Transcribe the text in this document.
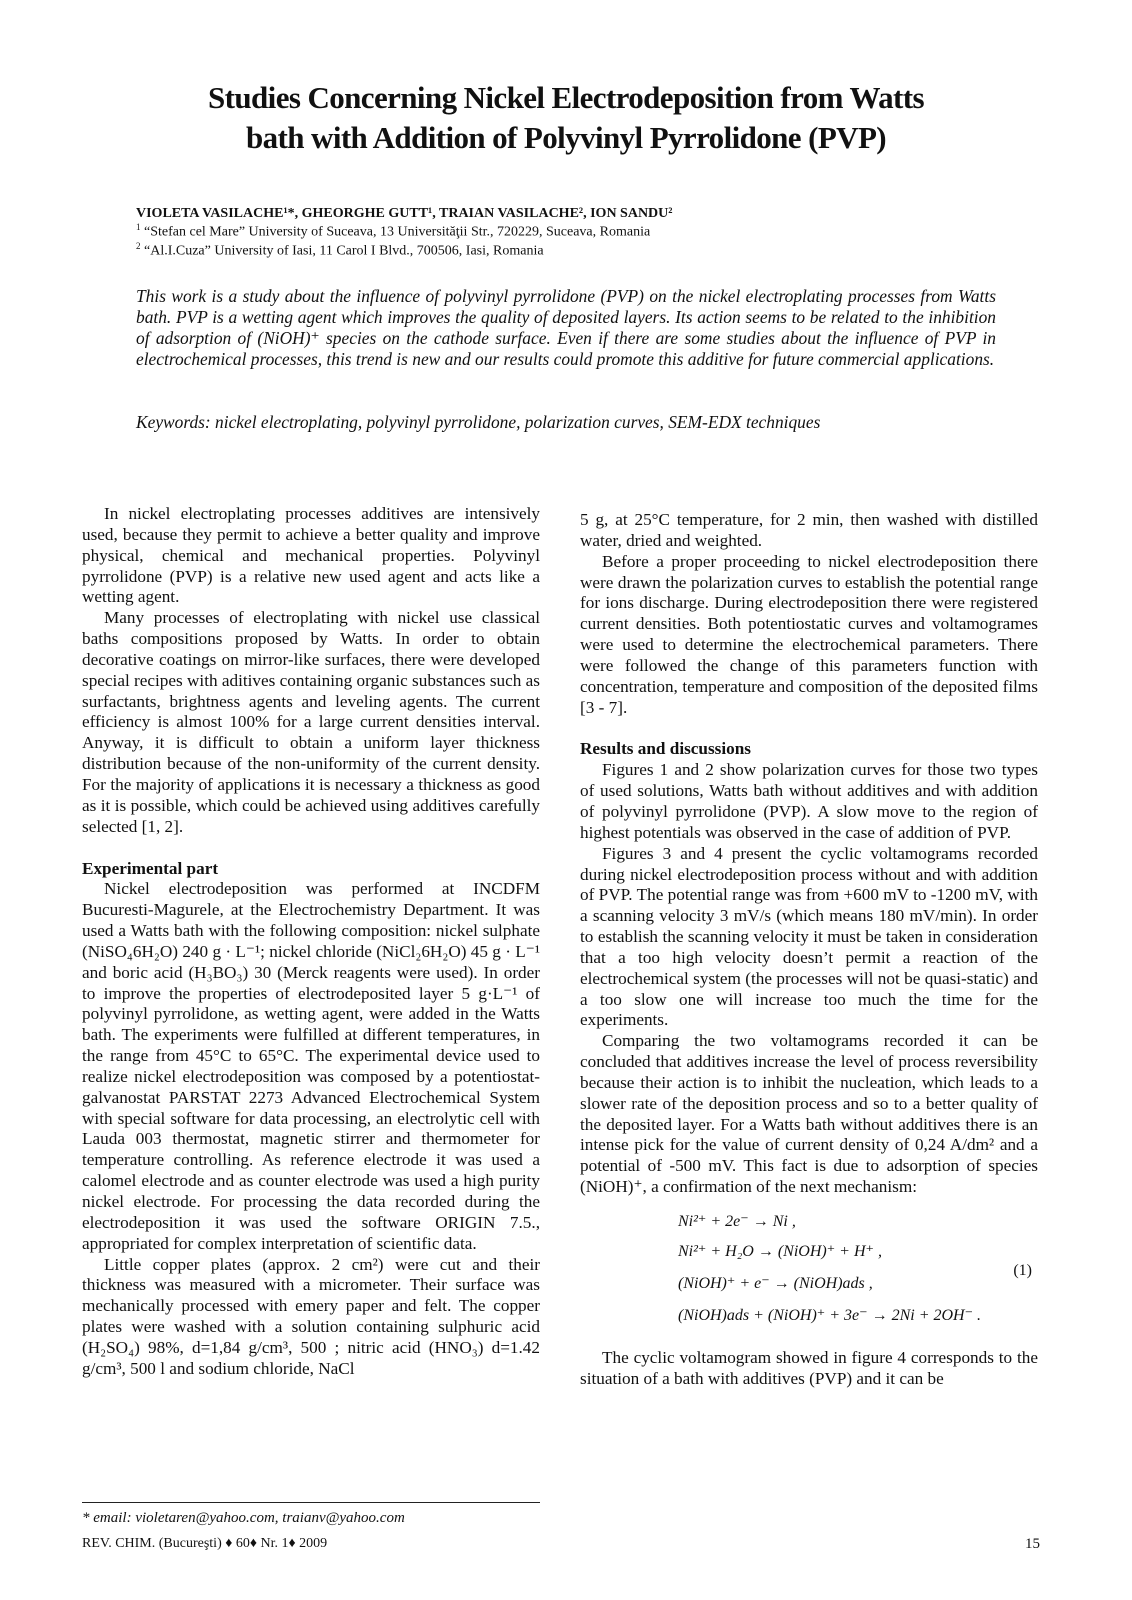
Studies Concerning Nickel Electrodeposition from Watts
bath with Addition of Polyvinyl Pyrrolidone (PVP)
VIOLETA VASILACHE¹*, GHEORGHE GUTT¹, TRAIAN VASILACHE², ION SANDU²
$^1$ “Stefan cel Mare” University of Suceava, 13 Universităţii Str., 720229, Suceava, Romania
$^2$ “Al.I.Cuza” University of Iasi, 11 Carol I Blvd., 700506, Iasi, Romania
This work is a study about the influence of polyvinyl pyrrolidone (PVP) on the nickel electroplating processes from Watts bath. PVP is a wetting agent which improves the quality of deposited layers. Its action seems to be related to the inhibition of adsorption of (NiOH)⁺ species on the cathode surface. Even if there are some studies about the influence of PVP in electrochemical processes, this trend is new and our results could promote this additive for future commercial applications.
Keywords: nickel electroplating, polyvinyl pyrrolidone, polarization curves, SEM-EDX techniques

In nickel electroplating processes additives are intensively used, because they permit to achieve a better quality and improve physical, chemical and mechanical properties. Polyvinyl pyrrolidone (PVP) is a relative new used agent and acts like a wetting agent.

Many processes of electroplating with nickel use classical baths compositions proposed by Watts. In order to obtain decorative coatings on mirror-like surfaces, there were developed special recipes with aditives containing organic substances such as surfactants, brightness agents and leveling agents. The current efficiency is almost 100% for a large current densities interval. Anyway, it is difficult to obtain a uniform layer thickness distribution because of the non-uniformity of the current density. For the majority of applications it is necessary a thickness as good as it is possible, which could be achieved using additives carefully selected [1, 2].

Experimental part

Nickel electrodeposition was performed at INCDFM Bucuresti-Magurele, at the Electrochemistry Department. It was used a Watts bath with the following composition: nickel sulphate (NiSO₄6H₂O) 240 g · L⁻¹; nickel chloride (NiCl₂6H₂O) 45 g · L⁻¹ and boric acid (H₃BO₃) 30 (Merck reagents were used). In order to improve the properties of electrodeposited layer 5 g·L⁻¹ of polyvinyl pyrrolidone, as wetting agent, were added in the Watts bath. The experiments were fulfilled at different temperatures, in the range from 45°C to 65°C. The experimental device used to realize nickel electrodeposition was composed by a potentiostat-galvanostat PARSTAT 2273 Advanced Electrochemical System with special software for data processing, an electrolytic cell with Lauda 003 thermostat, magnetic stirrer and thermometer for temperature controlling. As reference electrode it was used a calomel electrode and as counter electrode was used a high purity nickel electrode. For processing the data recorded during the electrodeposition it was used the software ORIGIN 7.5., appropriated for complex interpretation of scientific data.

Little copper plates (approx. 2 cm²) were cut and their thickness was measured with a micrometer. Their surface was mechanically processed with emery paper and felt. The copper plates were washed with a solution containing sulphuric acid (H₂SO₄) 98%, d=1,84 g/cm³, 500 ; nitric acid (HNO₃) d=1.42 g/cm³, 500 l and sodium chloride, NaCl

5 g, at 25°C temperature, for 2 min, then washed with distilled water, dried and weighted.

Before a proper proceeding to nickel electrodeposition there were drawn the polarization curves to establish the potential range for ions discharge. During electrodeposition there were registered current densities. Both potentiostatic curves and voltamogrames were used to determine the electrochemical parameters. There were followed the change of this parameters function with concentration, temperature and composition of the deposited films [3 - 7].

Results and discussions

Figures 1 and 2 show polarization curves for those two types of used solutions, Watts bath without additives and with addition of polyvinyl pyrrolidone (PVP). A slow move to the region of highest potentials was observed in the case of addition of PVP.

Figures 3 and 4 present the cyclic voltamograms recorded during nickel electrodeposition process without and with addition of PVP. The potential range was from +600 mV to -1200 mV, with a scanning velocity 3 mV/s (which means 180 mV/min). In order to establish the scanning velocity it must be taken in consideration that a too high velocity doesn’t permit a reaction of the electrochemical system (the processes will not be quasi-static) and a too slow one will increase too much the time for the experiments.

Comparing the two voltamograms recorded it can be concluded that additives increase the level of process reversibility because their action is to inhibit the nucleation, which leads to a slower rate of the deposition process and so to a better quality of the deposited layer. For a Watts bath without additives there is an intense pick for the value of current density of 0,24 A/dm² and a potential of -500 mV. This fact is due to adsorption of species (NiOH)⁺, a confirmation of the next mechanism:

Ni²⁺ + 2e⁻ → Ni ,
Ni²⁺ + H₂O → (NiOH)⁺ + H⁺ ,
(NiOH)⁺ + e⁻ → (NiOH)ads ,
(NiOH)ads + (NiOH)⁺ + 3e⁻ → 2Ni + 2OH⁻ .
(1)

The cyclic voltamogram showed in figure 4 corresponds to the situation of a bath with additives (PVP) and it can be

* email: violetaren@yahoo.com, traianv@yahoo.com
REV. CHIM. (Bucureşti) ♦ 60♦ Nr. 1♦ 2009	15
